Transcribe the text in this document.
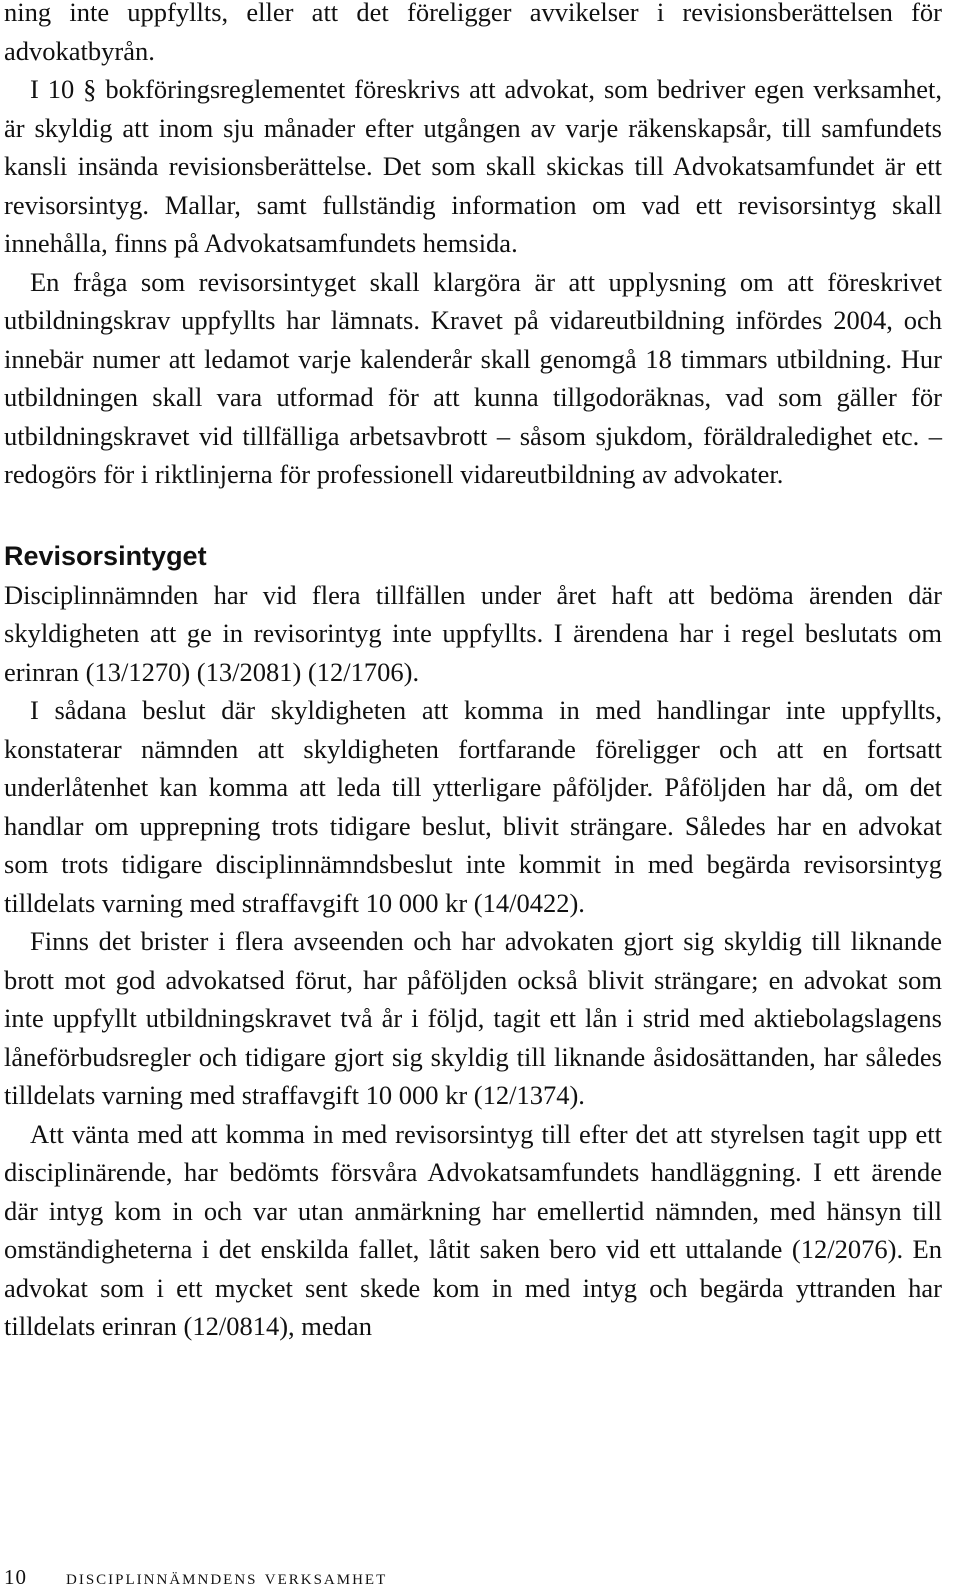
ning inte uppfyllts, eller att det föreligger avvikelser i revisionsberättelsen för advokatbyrån.

I 10 § bokföringsreglementet föreskrivs att advokat, som bedriver egen verksamhet, är skyldig att inom sju månader efter utgången av varje räkenskapsår, till samfundets kansli insända revisionsberättelse. Det som skall skickas till Advokatsamfundet är ett revisorsintyg. Mallar, samt fullständig information om vad ett revisorsintyg skall innehålla, finns på Advokatsamfundets hemsida.

En fråga som revisorsintyget skall klargöra är att upplysning om att föreskrivet utbildningskrav uppfyllts har lämnats. Kravet på vidareutbildning infördes 2004, och innebär numer att ledamot varje kalenderår skall genomgå 18 timmars utbildning. Hur utbildningen skall vara utformad för att kunna tillgodoräknas, vad som gäller för utbildningskravet vid tillfälliga arbetsavbrott – såsom sjukdom, föräldraledighet etc. – redogörs för i riktlinjerna för professionell vidareutbildning av advokater.

Revisorsintyget

Disciplinnämnden har vid flera tillfällen under året haft att bedöma ärenden där skyldigheten att ge in revisorintyg inte uppfyllts. I ärendena har i regel beslutats om erinran (13/1270) (13/2081) (12/1706).

I sådana beslut där skyldigheten att komma in med handlingar inte uppfyllts, konstaterar nämnden att skyldigheten fortfarande föreligger och att en fortsatt underlåtenhet kan komma att leda till ytterligare påföljder. Påföljden har då, om det handlar om upprepning trots tidigare beslut, blivit strängare. Således har en advokat som trots tidigare disciplinnämndsbeslut inte kommit in med begärda revisorsintyg tilldelats varning med straffavgift 10 000 kr (14/0422).

Finns det brister i flera avseenden och har advokaten gjort sig skyldig till liknande brott mot god advokatsed förut, har påföljden också blivit strängare; en advokat som inte uppfyllt utbildningskravet två år i följd, tagit ett lån i strid med aktiebolagslagens låneförbudsregler och tidigare gjort sig skyldig till liknande åsidosättanden, har således tilldelats varning med straffavgift 10 000 kr (12/1374).

Att vänta med att komma in med revisorsintyg till efter det att styrelsen tagit upp ett disciplinärende, har bedömts försvåra Advokatsamfundets handläggning. I ett ärende där intyg kom in och var utan anmärkning har emellertid nämnden, med hänsyn till omständigheterna i det enskilda fallet, låtit saken bero vid ett uttalande (12/2076). En advokat som i ett mycket sent skede kom in med intyg och begärda yttranden har tilldelats erinran (12/0814), medan

10 disciplinnämndens verksamhet
